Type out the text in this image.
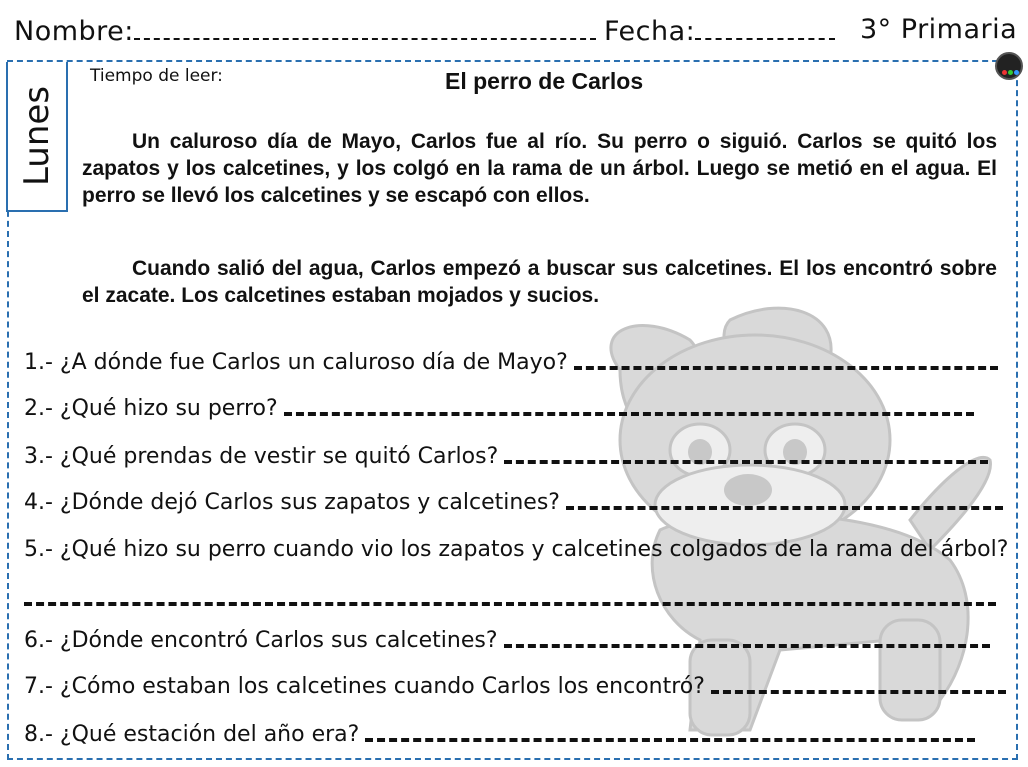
Nombre:	Fecha:	3° Primaria
Lunes
Tiempo de leer:	El perro de Carlos
Un caluroso día de Mayo, Carlos fue al río. Su perro o siguió. Carlos se quitó los zapatos y los calcetines, y los colgó en la rama de un árbol. Luego se metió en el agua. El perro se llevó los calcetines y se escapó con ellos.
Cuando salió del agua, Carlos empezó a buscar sus calcetines. El los encontró sobre el zacate. Los calcetines estaban mojados y sucios.
1.- ¿A dónde fue Carlos un caluroso día de Mayo?
2.- ¿Qué hizo su perro?
3.- ¿Qué prendas de vestir se quitó Carlos?
4.- ¿Dónde dejó Carlos sus zapatos y calcetines?
5.- ¿Qué hizo su perro cuando vio los zapatos y calcetines colgados de la rama del árbol?
6.- ¿Dónde encontró Carlos sus calcetines?
7.- ¿Cómo estaban los calcetines cuando Carlos los encontró?
8.- ¿Qué estación del año era?
